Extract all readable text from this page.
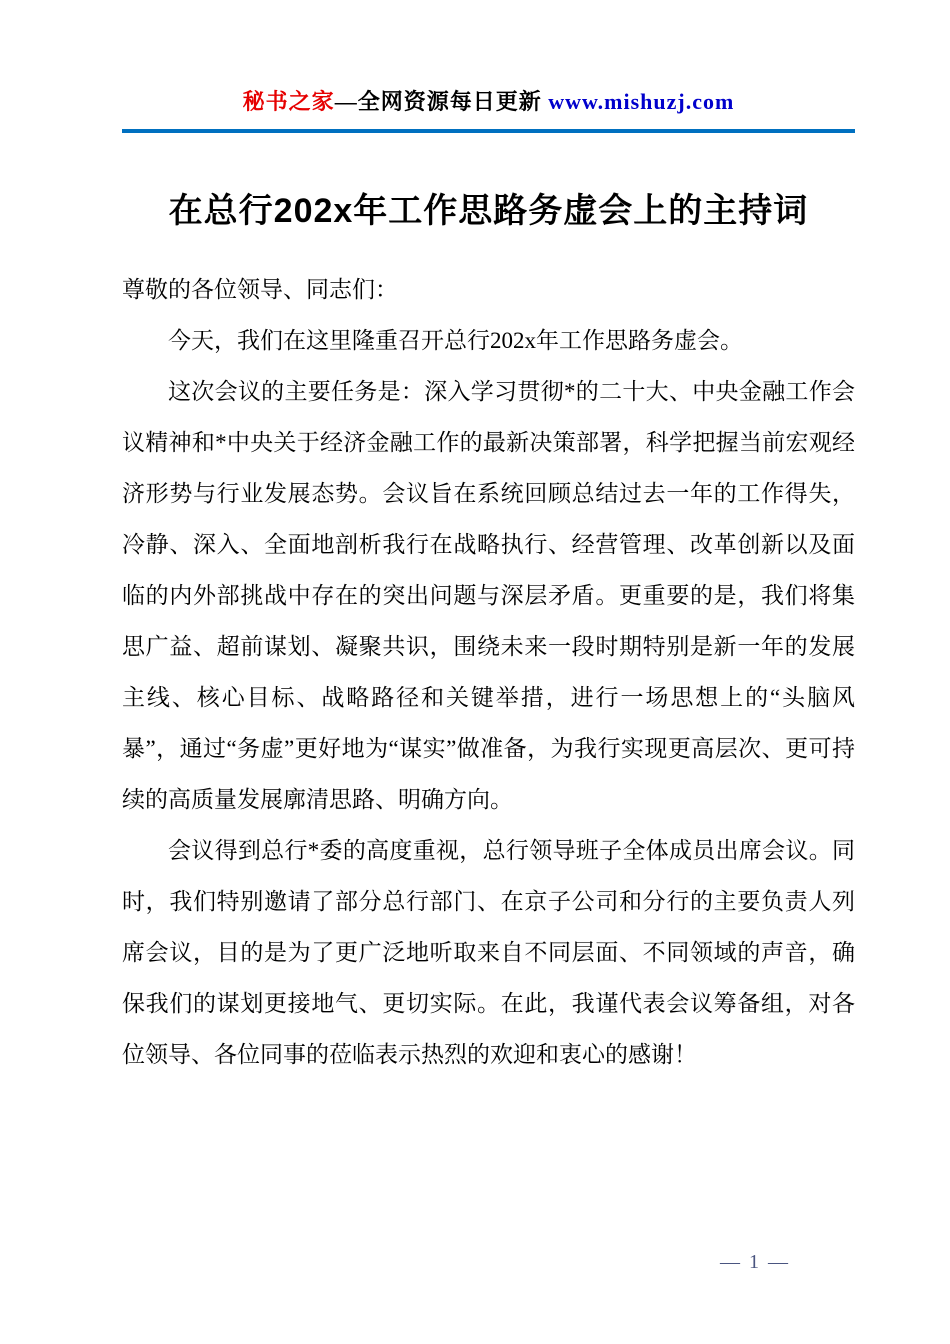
秘书之家—全网资源每日更新 www.mishuzj.com
在总行202x年工作思路务虚会上的主持词

尊敬的各位领导、同志们：

今天，我们在这里隆重召开总行202x年工作思路务虚会。

这次会议的主要任务是：深入学习贯彻*的二十大、中央金融工作会议精神和*中央关于经济金融工作的最新决策部署，科学把握当前宏观经济形势与行业发展态势。会议旨在系统回顾总结过去一年的工作得失，冷静、深入、全面地剖析我行在战略执行、经营管理、改革创新以及面临的内外部挑战中存在的突出问题与深层矛盾。更重要的是，我们将集思广益、超前谋划、凝聚共识，围绕未来一段时期特别是新一年的发展主线、核心目标、战略路径和关键举措，进行一场思想上的“头脑风暴”，通过“务虚”更好地为“谋实”做准备，为我行实现更高层次、更可持续的高质量发展廓清思路、明确方向。

会议得到总行*委的高度重视，总行领导班子全体成员出席会议。同时，我们特别邀请了部分总行部门、在京子公司和分行的主要负责人列席会议，目的是为了更广泛地听取来自不同层面、不同领域的声音，确保我们的谋划更接地气、更切实际。在此，我谨代表会议筹备组，对各位领导、各位同事的莅临表示热烈的欢迎和衷心的感谢！

— 1 —
